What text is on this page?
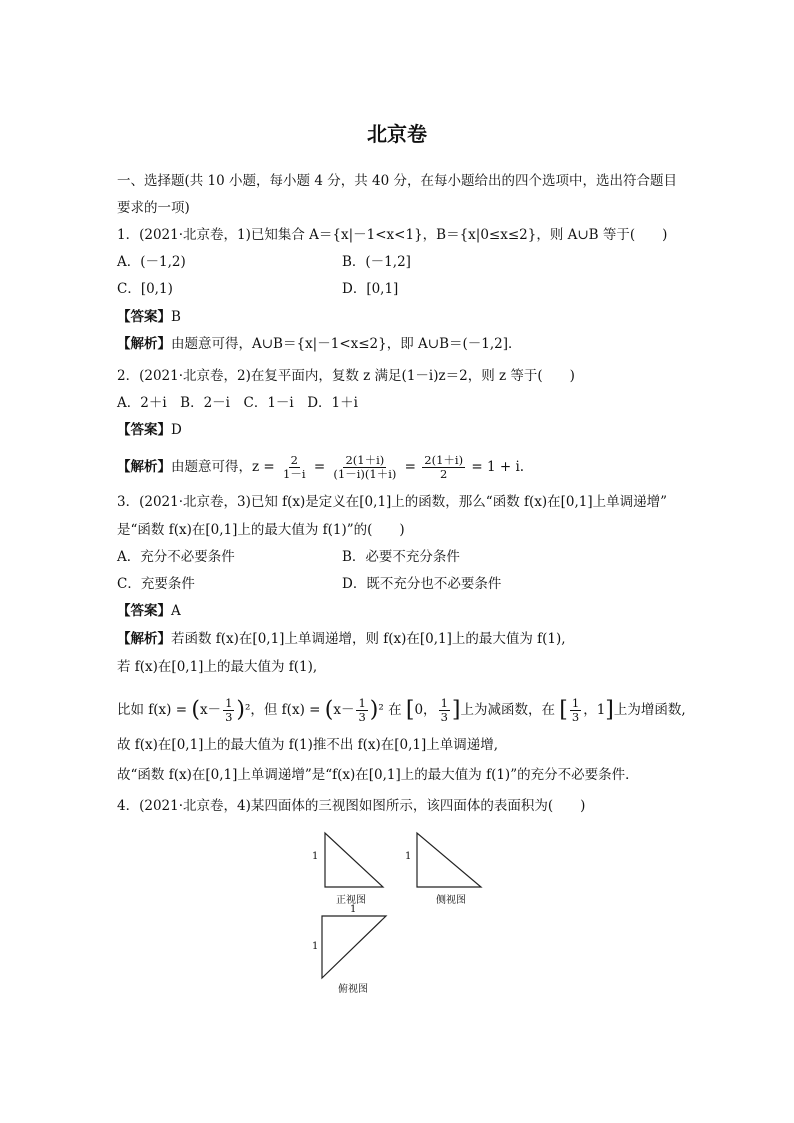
北京卷
一、选择题(共 10 小题，每小题 4 分，共 40 分，在每小题给出的四个选项中，选出符合题目
要求的一项)
1．(2021·北京卷，1)已知集合 A＝{x|－1<x<1}，B＝{x|0≤x≤2}，则 A∪B 等于(　　)
A．(－1,2)	B．(－1,2]
C．[0,1)	D．[0,1]
【答案】B
【解析】由题意可得，A∪B＝{x|－1<x≤2}，即 A∪B＝(－1,2]．
2．(2021·北京卷，2)在复平面内，复数 z 满足(1－i)z＝2，则 z 等于(　　)
A．2＋i　B．2－i　C．1－i　D．1＋i
【答案】D
【解析】由题意可得，$z = \frac{2}{1-i} = \frac{2(1+i)}{(1-i)(1+i)} = \frac{2(1+i)}{2} = 1 + i$.
3．(2021·北京卷，3)已知 f(x)是定义在[0,1]上的函数，那么“函数 f(x)在[0,1]上单调递增”
是“函数 f(x)在[0,1]上的最大值为 f(1)”的(　　)
A．充分不必要条件	B．必要不充分条件
C．充要条件	D．既不充分也不必要条件
【答案】A
【解析】若函数 f(x)在[0,1]上单调递增，则 f(x)在[0,1]上的最大值为 f(1),
若 f(x)在[0,1]上的最大值为 f(1),
比如 $f(x) = (x- \frac{1}{3} )^2$，但 $f(x) = (x- \frac{1}{3} )^2$ 在 [0， $\frac{1}{3}$ ]上为减函数，在 [ $\frac{1}{3}$ ，1]上为增函数,
故 f(x)在[0,1]上的最大值为 f(1)推不出 f(x)在[0,1]上单调递增,
故“函数 f(x)在[0,1]上单调递增”是“f(x)在[0,1]上的最大值为 f(1)”的充分不必要条件．
4．(2021·北京卷，4)某四面体的三视图如图所示，该四面体的表面积为(　　)
1	1
正视图	侧视图
1
1
俯视图
